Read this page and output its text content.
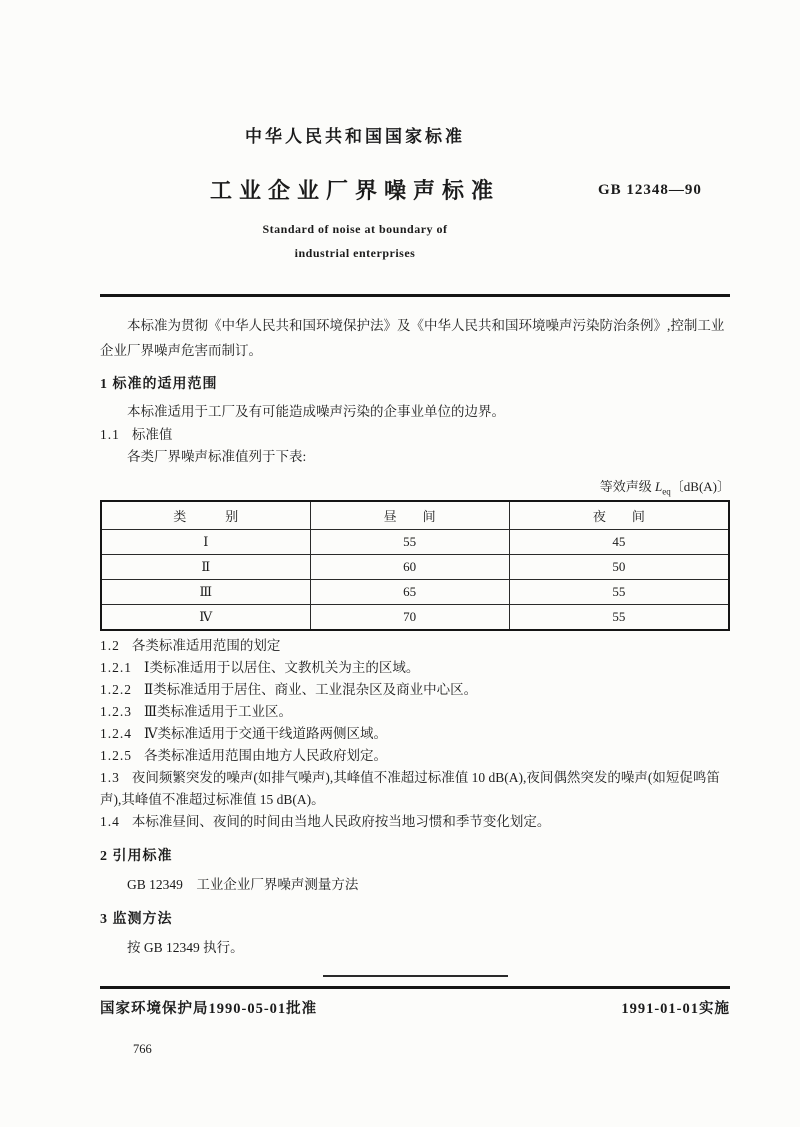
中华人民共和国国家标准
工业企业厂界噪声标准	GB 12348—90
Standard of noise at boundary of
industrial enterprises

本标准为贯彻《中华人民共和国环境保护法》及《中华人民共和国环境噪声污染防治条例》,控制工业企业厂界噪声危害而制订。

1 标准的适用范围

本标准适用于工厂及有可能造成噪声污染的企事业单位的边界。

1.1 标准值

各类厂界噪声标准值列于下表:

等效声级 $L_{eq}$〔dB(A)〕
类　　　别	昼　　间	夜　　间
Ⅰ	55	45
Ⅱ	60	50
Ⅲ	65	55
Ⅳ	70	55

1.2 各类标准适用范围的划定

1.2.1 Ⅰ类标准适用于以居住、文教机关为主的区域。

1.2.2 Ⅱ类标准适用于居住、商业、工业混杂区及商业中心区。

1.2.3 Ⅲ类标准适用于工业区。

1.2.4 Ⅳ类标准适用于交通干线道路两侧区域。

1.2.5 各类标准适用范围由地方人民政府划定。

1.3 夜间频繁突发的噪声(如排气噪声),其峰值不准超过标准值 10 dB(A),夜间偶然突发的噪声(如短促鸣笛声),其峰值不准超过标准值 15 dB(A)。

1.4 本标准昼间、夜间的时间由当地人民政府按当地习惯和季节变化划定。

2 引用标准

GB 12349　工业企业厂界噪声测量方法

3 监测方法

按 GB 12349 执行。

国家环境保护局1990-05-01批准	1991-01-01实施
766
